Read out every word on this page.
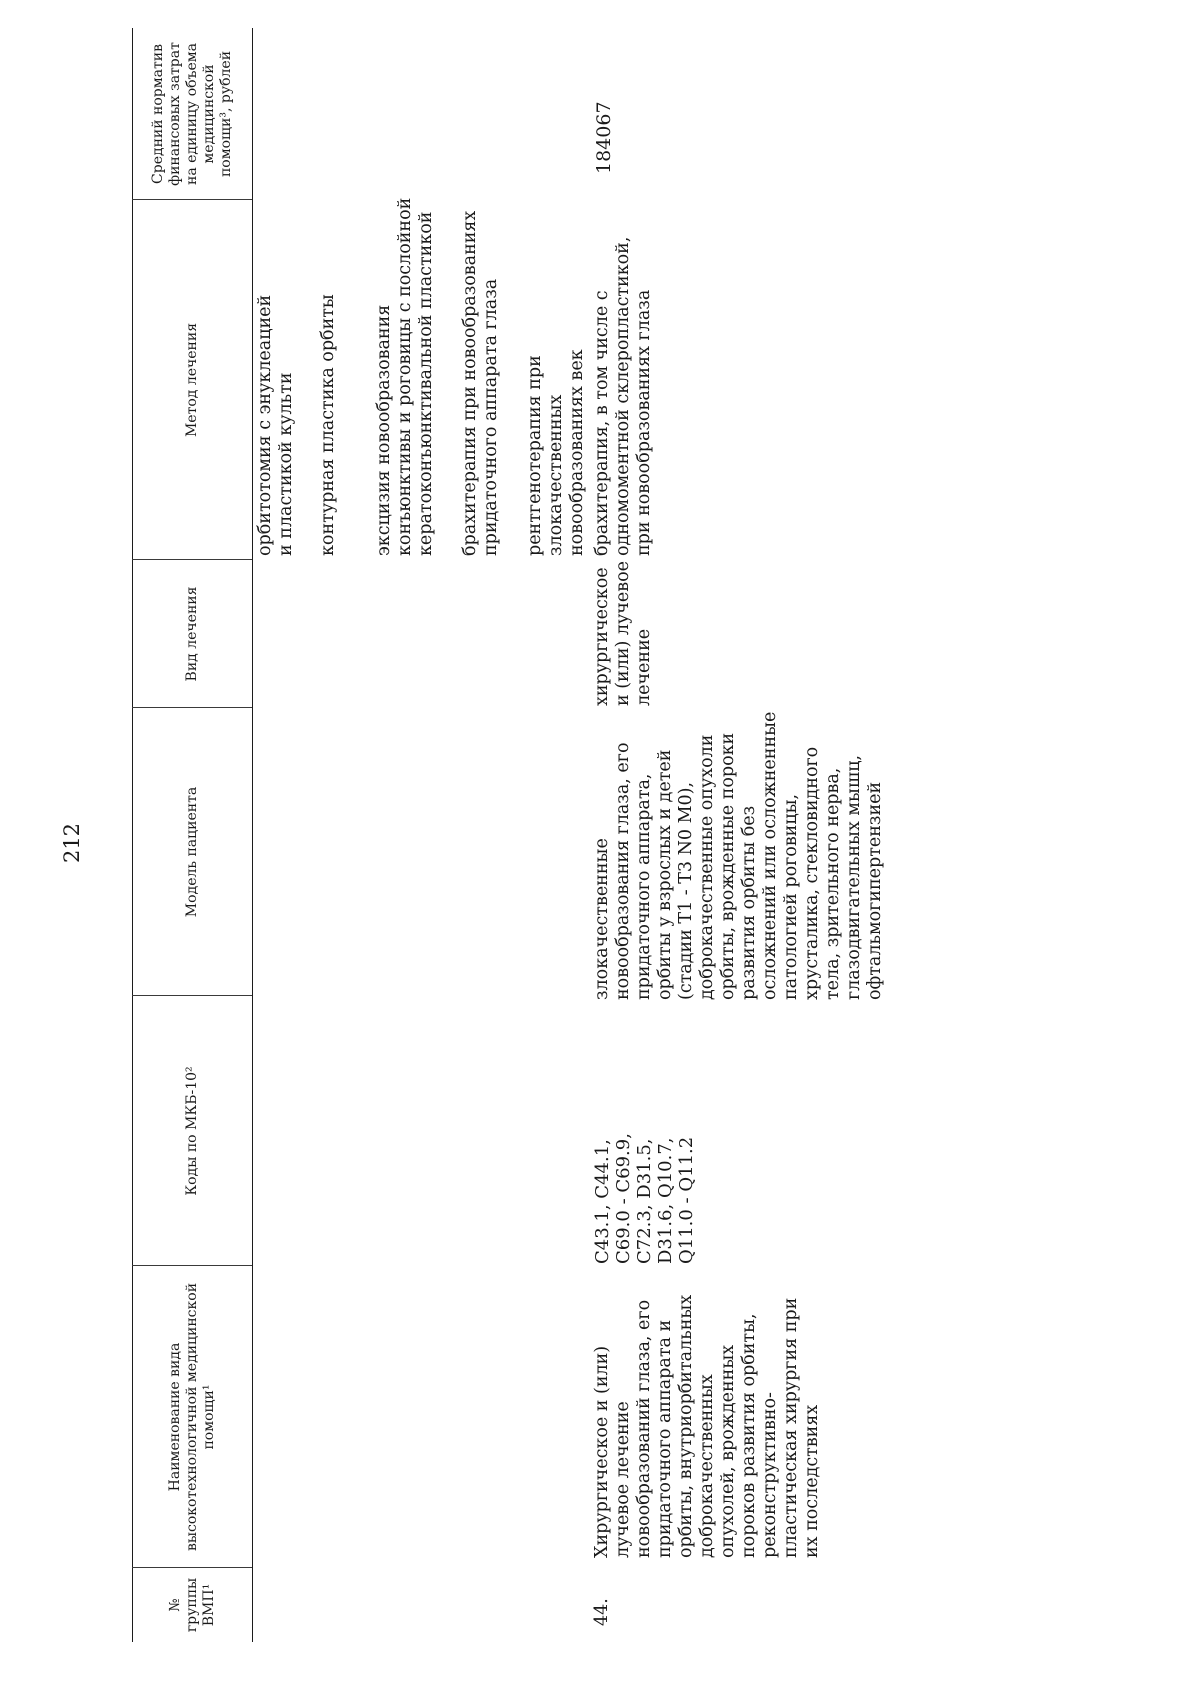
212
№ группы ВМП¹
Наименование вида высокотехнологичной медицинской помощи¹
Коды по МКБ-10²
Модель пациента
Вид лечения
Метод лечения
Средний норматив финансовых затрат на единицу объема медицинской помощи³, рублей
орбитотомия с энуклеацией
и пластикой культи контурная пластика орбиты эксцизия новообразования
конъюнктивы и роговицы с послойной
кератоконъюнктивальной пластикой
брахитерапия при новообразованиях
придаточного аппарата глаза
рентгенотерапия при злокачественных
новообразованиях век
44.
Хирургическое и (или)
лучевое лечение
новообразований глаза, его
придаточного аппарата и
орбиты, внутриорбитальных
доброкачественных
опухолей, врожденных
пороков развития орбиты,
реконструктивно-
пластическая хирургия при
их последствиях
C43.1, C44.1,
C69.0 - C69.9,
C72.3, D31.5,
D31.6, Q10.7,
Q11.0 - Q11.2
злокачественные
новообразования глаза, его
придаточного аппарата,
орбиты у взрослых и детей
(стадии T1 - T3 N0 M0),
доброкачественные опухоли
орбиты, врожденные пороки
развития орбиты без
осложнений или осложненные
патологией роговицы,
хрусталика, стекловидного
тела, зрительного нерва,
глазодвигательных мышц,
офтальмогипертензией
хирургическое
и (или) лучевое
лечение
брахитерапия, в том числе с
одномоментной склеропластикой,
при новообразованиях глаза
184067
